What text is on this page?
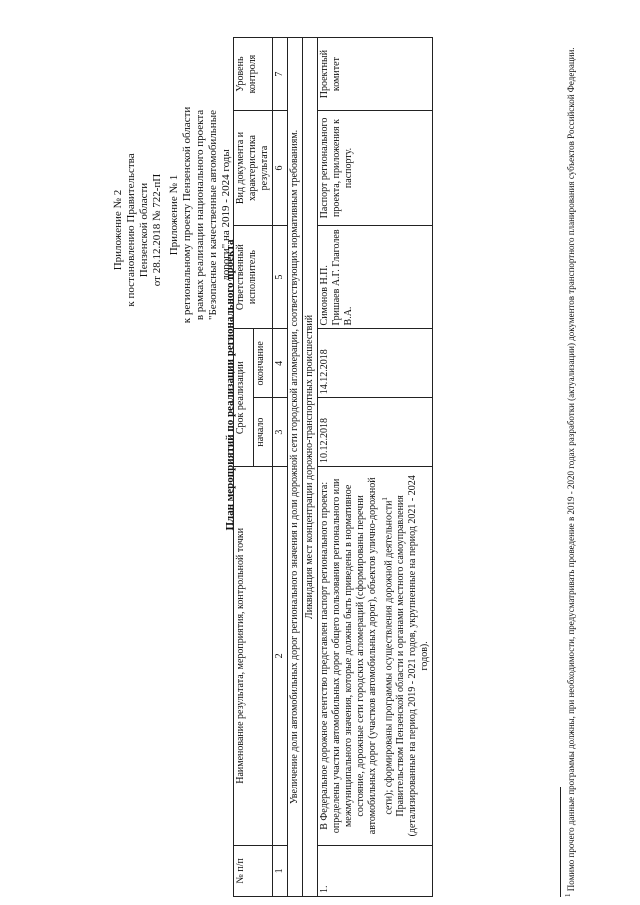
Приложение № 2 к постановлению Правительства Пензенской области от 28.12.2018 № 722-пП Приложение № 1 к региональному проекту Пензенской области в рамках реализации национального проекта "Безопасные и качественные автомобильные дороги" на 2019 - 2024 годы
План мероприятий по реализации регионального проекта
№ п/п	Наименование результата, мероприятия, контрольной точки	Срок реализации		Ответственный исполнитель	Вид документа и характеристика результата	Уровень контроля
		начало	окончание			
1	2	3	4	5	6	7
Увеличение доли автомобильных дорог регионального значения и доли дорожной сети городской агломерации, соответствующих нормативным требованиям.						
Ликвидация мест концентрации дорожно-транспортных происшествий						
1.	В Федеральное дорожное агентство представлен паспорт регионального проекта: определены участки автомобильных дорог общего пользования регионального или межмуниципального значения, которые должны быть приведены в нормативное состояние, дорожные сети городских агломераций (сформированы перечни автомобильных дорог (участков автомобильных дорог), объектов улично-дорожной сети); сформированы программы осуществления дорожной деятельности$^1$ Правительством Пензенской области и органами местного самоуправления (детализированные на период 2019 - 2021 годов, укрупненные на период 2021 - 2024 годов).	10.12.2018	14.12.2018	Симонов Н.П. Гришаев А.Г. Глаголев В.А.	Паспорт регионального проекта, приложения к паспорту.	Проектный комитет
$^1$ Помимо прочего данные программы должны, при необходимости, предусматривать проведение в 2019 - 2020 годах разработки (актуализации) документов транспортного планирования субъектов Российской Федерации.
